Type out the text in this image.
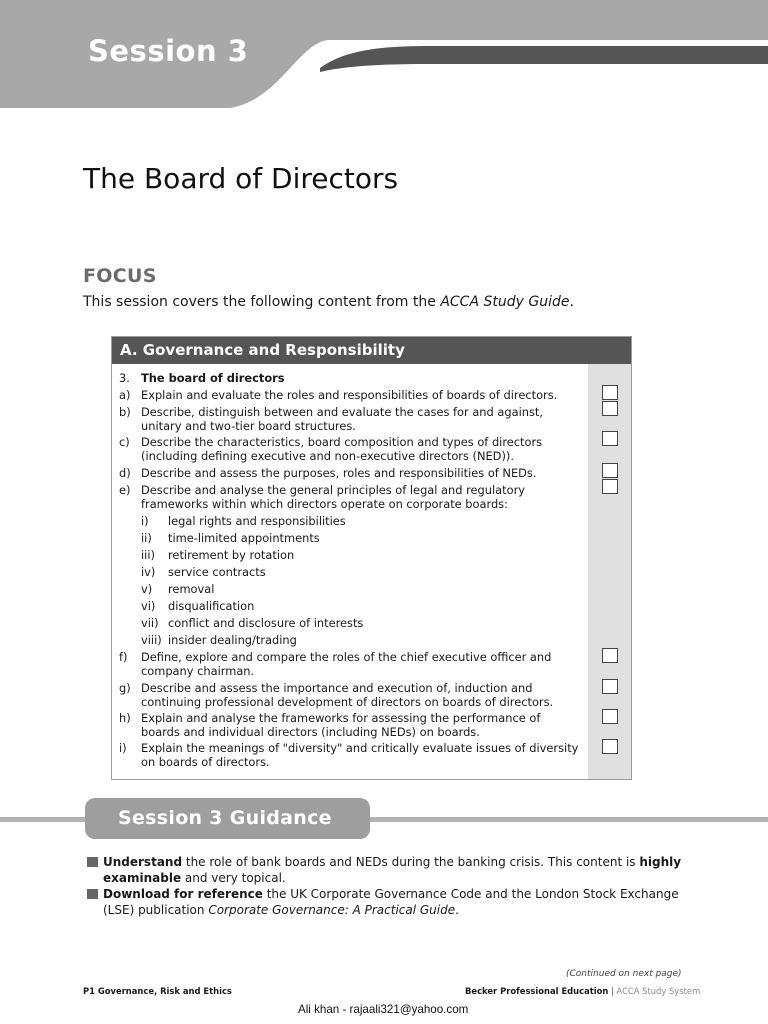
Session 3
The Board of Directors
FOCUS

This session covers the following content from the ACCA Study Guide.

A. Governance and Responsibility
3. The board of directors
a) Explain and evaluate the roles and responsibilities of boards of directors.
b) Describe, distinguish between and evaluate the cases for and against, unitary and two-tier board structures.
c) Describe the characteristics, board composition and types of directors (including defining executive and non-executive directors (NED)).
d) Describe and assess the purposes, roles and responsibilities of NEDs.
e) Describe and analyse the general principles of legal and regulatory frameworks within which directors operate on corporate boards:
i) legal rights and responsibilities
ii) time-limited appointments
iii) retirement by rotation
iv) service contracts
v) removal
vi) disqualification
vii) conflict and disclosure of interests
viii) insider dealing/trading
f) Define, explore and compare the roles of the chief executive officer and company chairman.
g) Describe and assess the importance and execution of, induction and continuing professional development of directors on boards of directors.
h) Explain and analyse the frameworks for assessing the performance of boards and individual directors (including NEDs) on boards.
i) Explain the meanings of "diversity" and critically evaluate issues of diversity on boards of directors.
Session 3 Guidance
Understand the role of bank boards and NEDs during the banking crisis. This content is highly examinable and very topical.
Download for reference the UK Corporate Governance Code and the London Stock Exchange (LSE) publication Corporate Governance: A Practical Guide.

(Continued on next page)

P1 Governance, Risk and Ethics	Becker Professional Education | ACCA Study System

Ali khan - rajaali321@yahoo.com
